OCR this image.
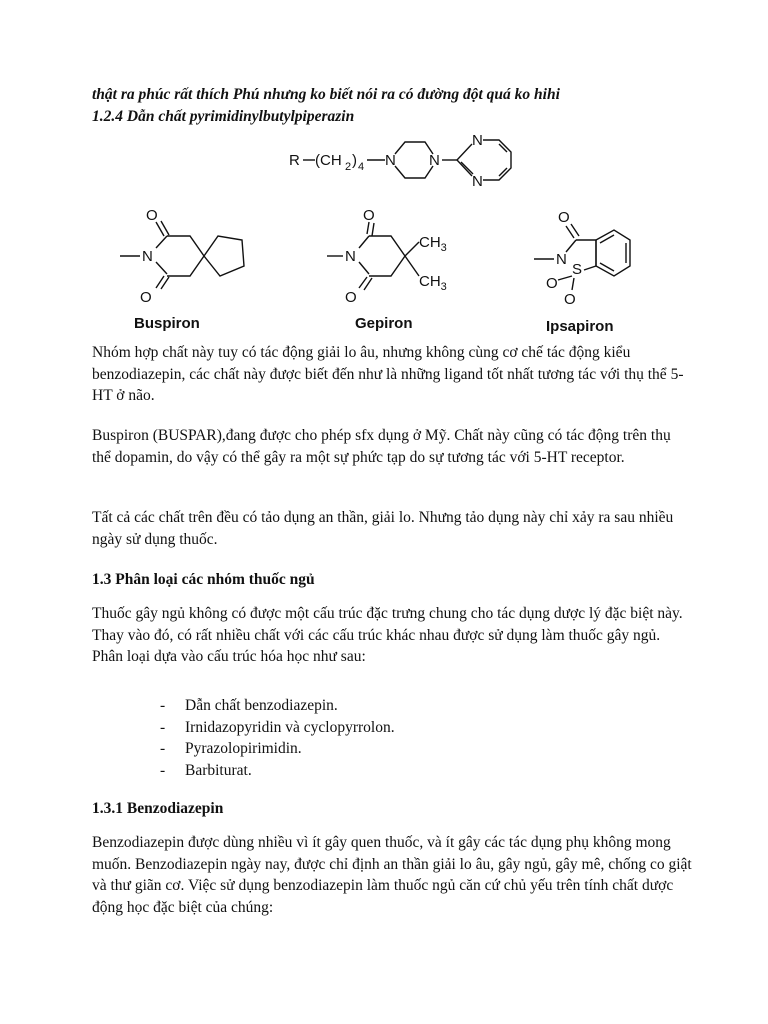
thật ra phúc rất thích Phú nhưng ko biết nói ra có đường đột quá ko hihi
1.2.4 Dẫn chất pyrimidinylbutylpiperazin
R (CH 2 ) 4 N N
N
N
O
N
O
Buspiron
O
N
O
$CH_3$
$CH_3$
Gepiron
O
N
S
O
O
Ipsapiron
Nhóm hợp chất này tuy có tác động giải lo âu, nhưng không cùng cơ chế tác động kiểu benzodiazepin, các chất này được biết đến như là những ligand tốt nhất tương tác với thụ thể 5-HT ở não.
Buspiron (BUSPAR),đang được cho phép sfx dụng ở Mỹ. Chất này cũng có tác động trên thụ thể dopamin, do vậy có thể gây ra một sự phức tạp do sự tương tác với 5-HT receptor.
Tất cả các chất trên đều có tảo dụng an thần, giải lo. Nhưng tảo dụng này chỉ xảy ra sau nhiều ngày sử dụng thuốc.
1.3 Phân loại các nhóm thuốc ngủ
Thuốc gây ngủ không có được một cấu trúc đặc trưng chung cho tác dụng dược lý đặc biệt này. Thay vào đó, có rất nhiều chất với các cấu trúc khác nhau được sử dụng làm thuốc gây ngủ. Phân loại dựa vào cấu trúc hóa học như sau:
- Dẫn chất benzodiazepin.
- Irnidazopyridin và cyclopyrrolon.
- Pyrazolopirimidin.
- Barbiturat.
1.3.1 Benzodiazepin
Benzodiazepin được dùng nhiều vì ít gây quen thuốc, và ít gây các tác dụng phụ không mong muốn. Benzodiazepin ngày nay, được chỉ định an thần giải lo âu, gây ngủ, gây mê, chống co giật và thư giãn cơ. Việc sử dụng benzodiazepin làm thuốc ngủ căn cứ chủ yếu trên tính chất dược động học đặc biệt của chúng:
